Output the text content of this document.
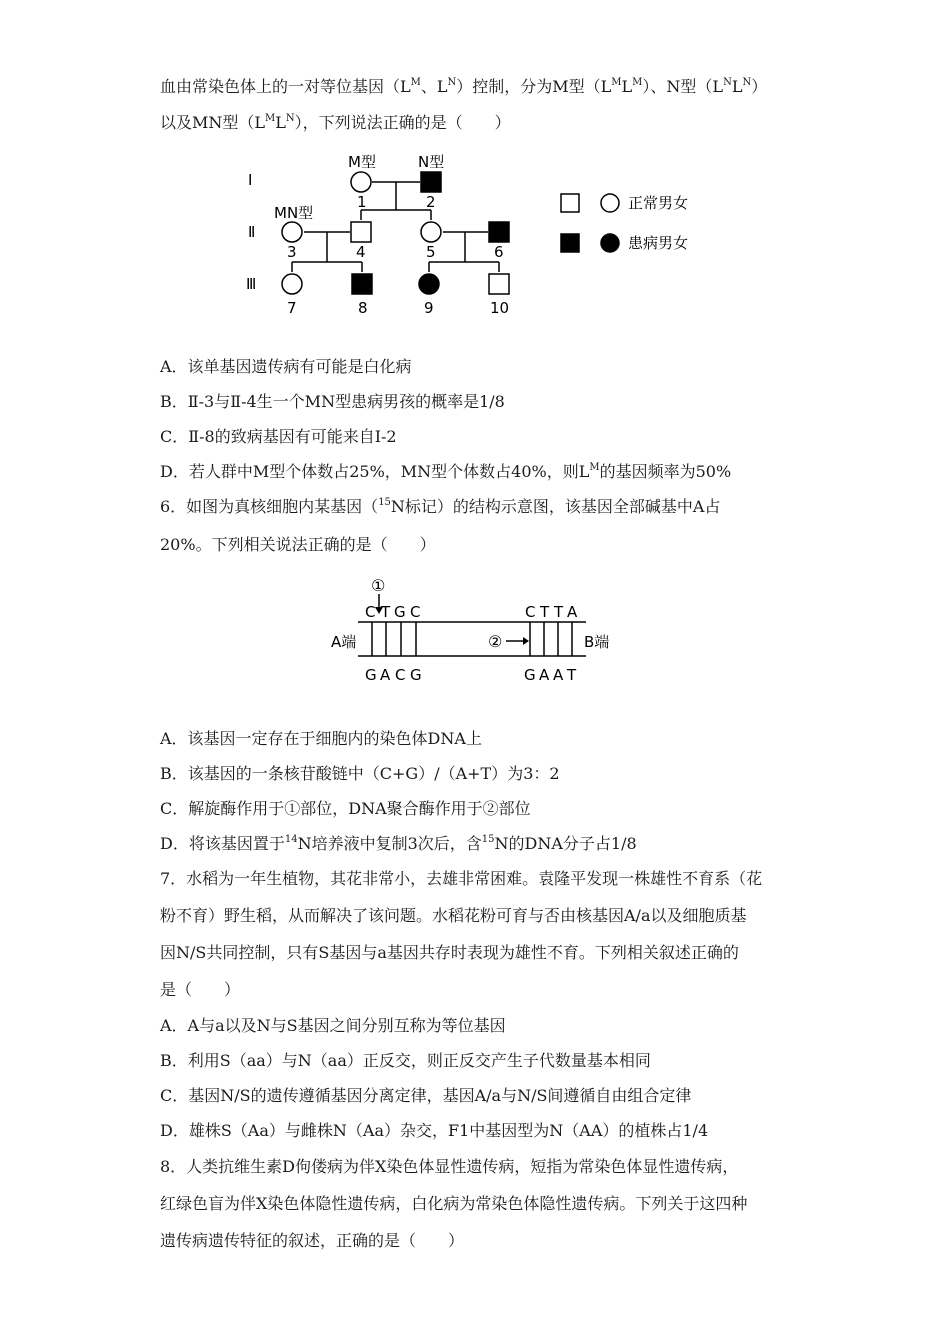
血由常染色体上的一对等位基因（$L^M$、$L^N$）控制，分为M型$(L^ML^M)$、N型$(L^NL^N)$
以及MN型$(L^ML^N)$，下列说法正确的是（　　）
Ⅰ
Ⅱ
Ⅲ
M型	N型
MN型
1	2
3	4	5	6
7	8	9	10
正常男女
患病男女
A．该单基因遗传病有可能是白化病
B．Ⅱ-3与Ⅱ-4生一个MN型患病男孩的概率是1/8
C．Ⅱ-8的致病基因有可能来自I-2
D．若人群中M型个体数占25%，MN型个体数占40%，则$L^M$的基因频率为50%
6．如图为真核细胞内某基因（$^{15}$N标记）的结构示意图，该基因全部碱基中A占
20%。下列相关说法正确的是（　　）
①
②
C T G C	C T T A
G A C G	G A A T
A端	B端
A．该基因一定存在于细胞内的染色体DNA上
B．该基因的一条核苷酸链中（C+G）/（A+T）为3：2
C．解旋酶作用于①部位，DNA聚合酶作用于②部位
D．将该基因置于$^{14}$N培养液中复制3次后，含$^{15}$N的DNA分子占1/8
7．水稻为一年生植物，其花非常小，去雄非常困难。袁隆平发现一株雄性不育系（花
粉不育）野生稻，从而解决了该问题。水稻花粉可育与否由核基因A/a以及细胞质基
因N/S共同控制，只有S基因与a基因共存时表现为雄性不育。下列相关叙述正确的
是（　　）
A．A与a以及N与S基因之间分别互称为等位基因
B．利用S（aa）与N（aa）正反交，则正反交产生子代数量基本相同
C．基因N/S的遗传遵循基因分离定律，基因A/a与N/S间遵循自由组合定律
D．雄株S（Aa）与雌株N（Aa）杂交，F1中基因型为N（AA）的植株占1/4
8．人类抗维生素D佝偻病为伴X染色体显性遗传病，短指为常染色体显性遗传病，
红绿色盲为伴X染色体隐性遗传病，白化病为常染色体隐性遗传病。下列关于这四种
遗传病遗传特征的叙述，正确的是（　　）
